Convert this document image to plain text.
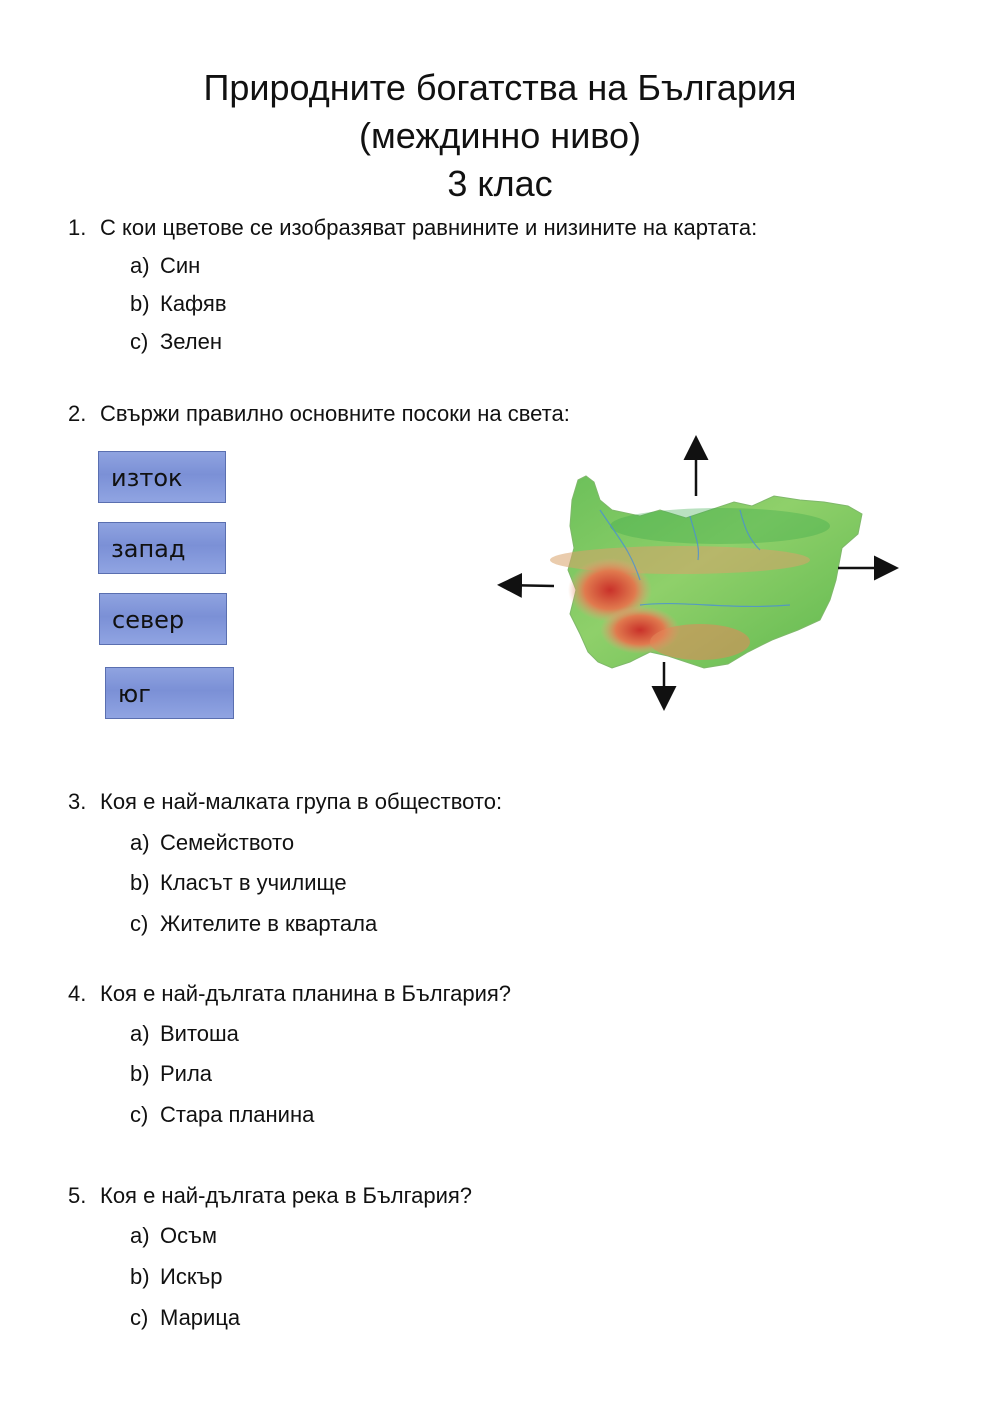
Природните богатства на България
(междинно ниво)
3 клас
1. С кои цветове се изобразяват равнините и низините на картата:
a) Син
b) Кафяв
c) Зелен
2. Свържи правилно основните посоки на света:
изток
запад
север
юг
3. Коя е най-малката група в обществото:
a) Семейството
b) Класът в училище
c) Жителите в квартала
4. Коя е най-дългата планина в България?
a) Витоша
b) Рила
c) Стара планина
5. Коя е най-дългата река в България?
a) Осъм
b) Искър
c) Марица
